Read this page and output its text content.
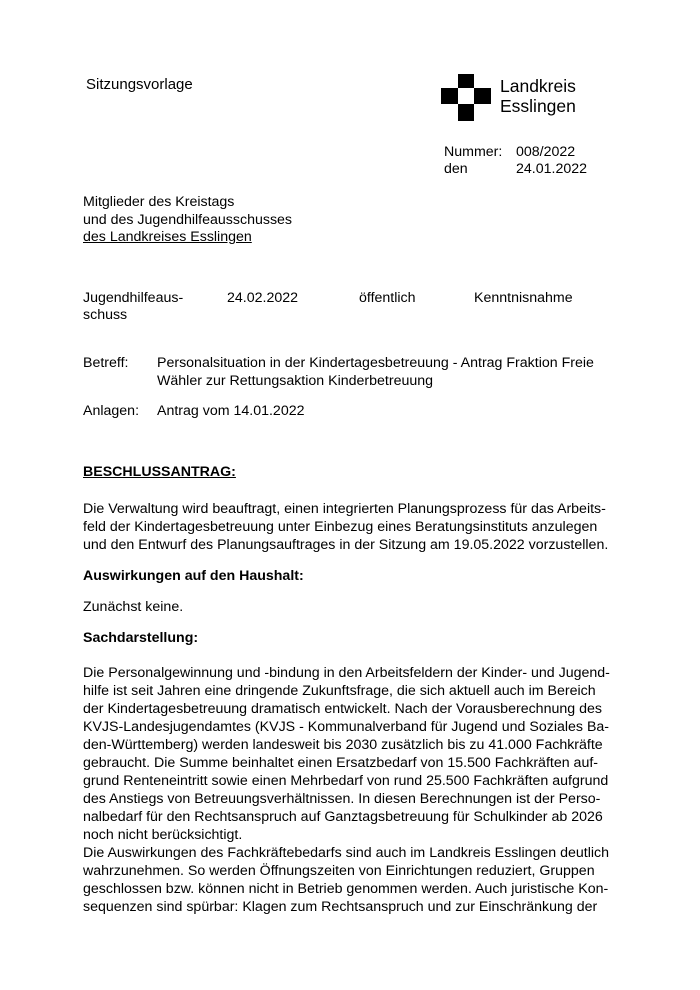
Sitzungsvorlage	Landkreis
Esslingen
Nummer: 008/2022
den	24.01.2022
Mitglieder des Kreistags
und des Jugendhilfeausschusses
des Landkreises Esslingen
Jugendhilfeaus-
schuss
24.02.2022	öffentlich	Kenntnisnahme
Betreff: Personalsituation in der Kindertagesbetreuung - Antrag Fraktion Freie
Wähler zur Rettungsaktion Kinderbetreuung
Anlagen: Antrag vom 14.01.2022
BESCHLUSSANTRAG:
Die Verwaltung wird beauftragt, einen integrierten Planungsprozess für das Arbeits-
feld der Kindertagesbetreuung unter Einbezug eines Beratungsinstituts anzulegen
und den Entwurf des Planungsauftrages in der Sitzung am 19.05.2022 vorzustellen.
Auswirkungen auf den Haushalt:
Zunächst keine.
Sachdarstellung:
Die Personalgewinnung und -bindung in den Arbeitsfeldern der Kinder- und Jugend-
hilfe ist seit Jahren eine dringende Zukunftsfrage, die sich aktuell auch im Bereich
der Kindertagesbetreuung dramatisch entwickelt. Nach der Vorausberechnung des
KVJS-Landesjugendamtes (KVJS - Kommunalverband für Jugend und Soziales Ba-
den-Württemberg) werden landesweit bis 2030 zusätzlich bis zu 41.000 Fachkräfte
gebraucht. Die Summe beinhaltet einen Ersatzbedarf von 15.500 Fachkräften auf-
grund Renteneintritt sowie einen Mehrbedarf von rund 25.500 Fachkräften aufgrund
des Anstiegs von Betreuungsverhältnissen. In diesen Berechnungen ist der Perso-
nalbedarf für den Rechtsanspruch auf Ganztagsbetreuung für Schulkinder ab 2026
noch nicht berücksichtigt.
Die Auswirkungen des Fachkräftebedarfs sind auch im Landkreis Esslingen deutlich
wahrzunehmen. So werden Öffnungszeiten von Einrichtungen reduziert, Gruppen
geschlossen bzw. können nicht in Betrieb genommen werden. Auch juristische Kon-
sequenzen sind spürbar: Klagen zum Rechtsanspruch und zur Einschränkung der
